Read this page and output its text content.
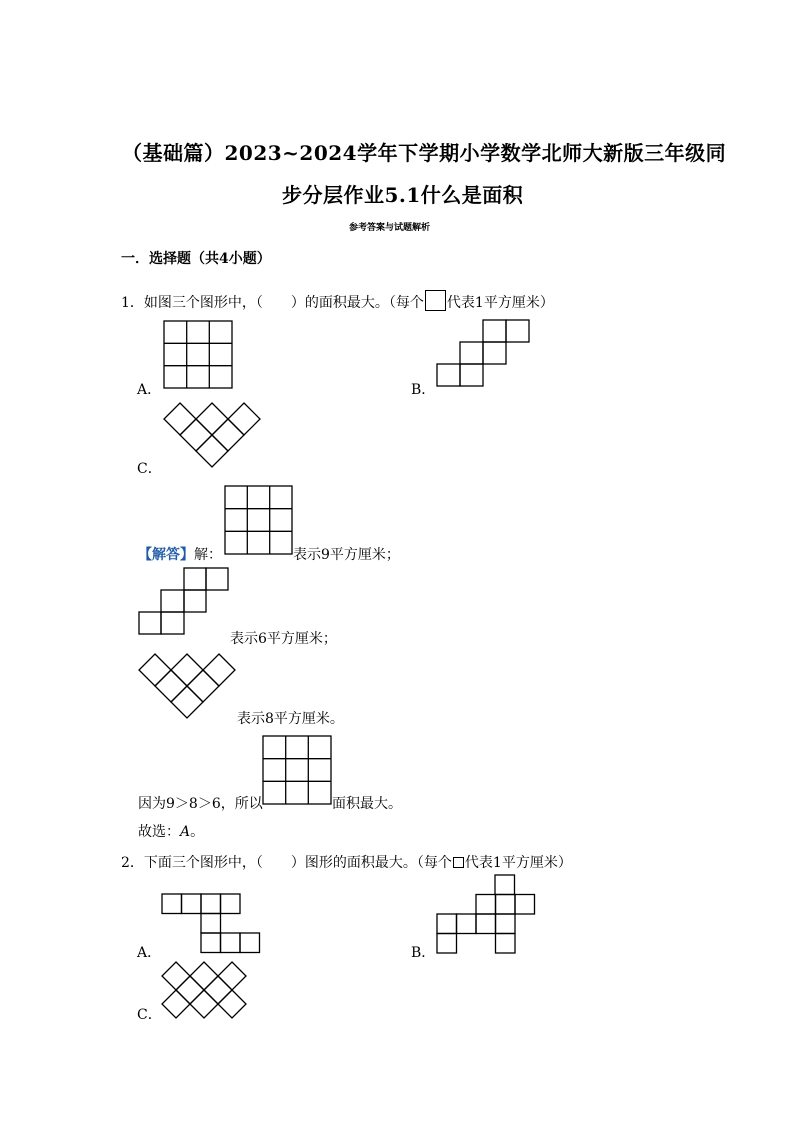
（基础篇）2023~2024学年下学期小学数学北师大新版三年级同
步分层作业5.1什么是面积
参考答案与试题解析
一．选择题（共4小题）
1．如图三个图形中，（　　）的面积最大。（每个 代表1平方厘米）
A．	B．
C．
【解答】解：	表示9平方厘米；
表示6平方厘米；
表示8平方厘米。
因为9＞8＞6，所以	面积最大。
故选：A。
2．下面三个图形中，（　　）图形的面积最大。（每个 代表1平方厘米）
A．	B．
C．
